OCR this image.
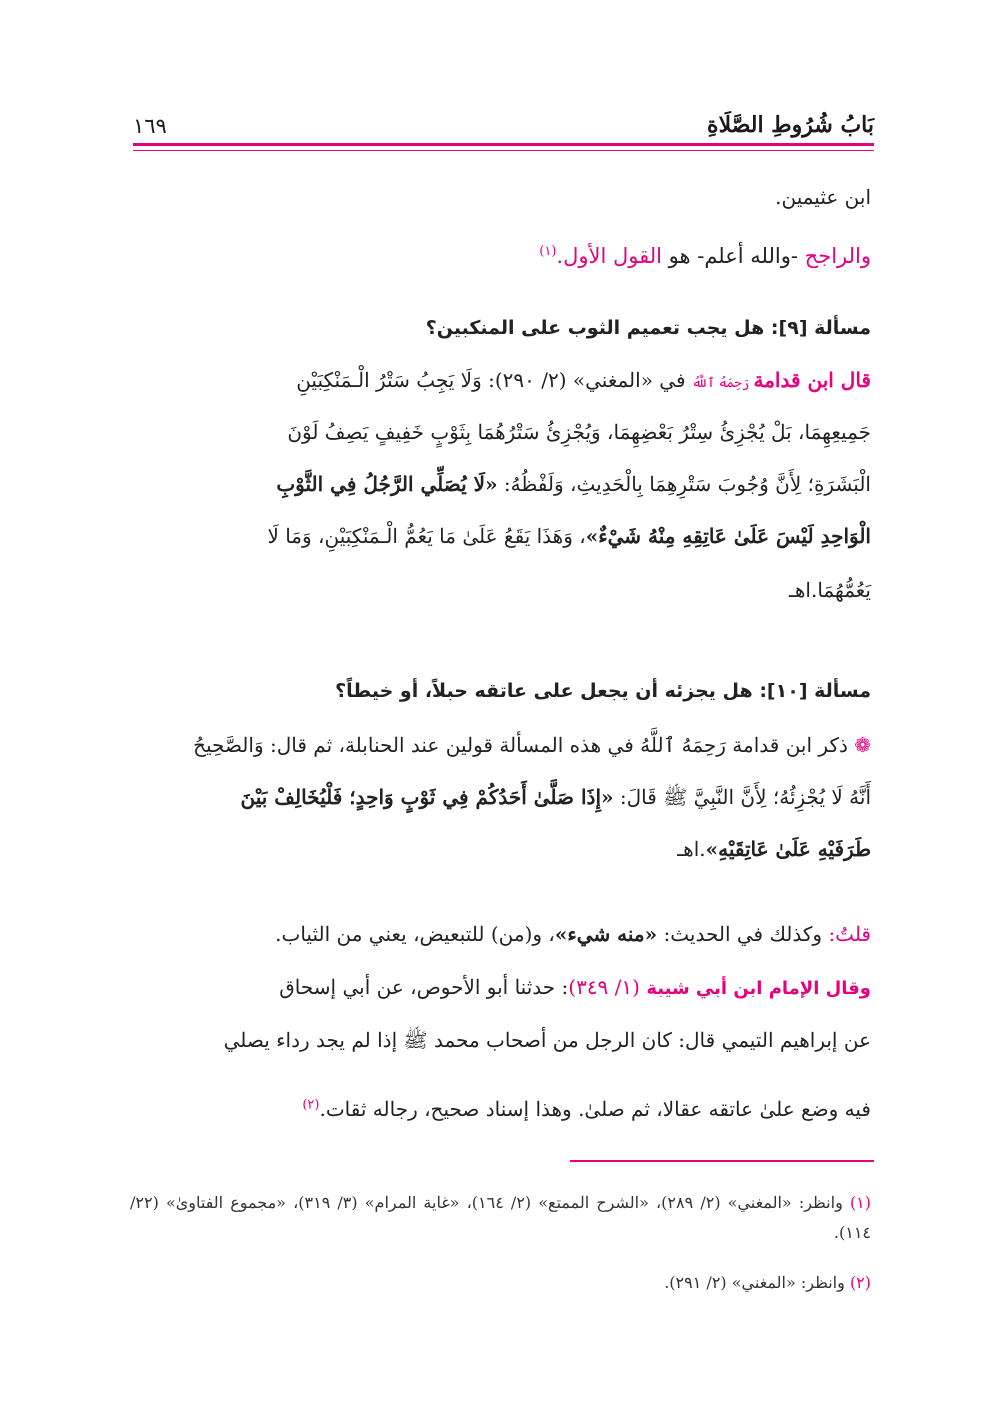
بَابُ شُرُوطِ الصَّلَاةِ
١٦٩
ابن عثيمين.
والراجح -والله أعلم- هو القول الأول.$^{(١)}$
مسألة [٩]: هل يجب تعميم الثوب على المنكبين؟
قال ابن قدامة رَحِمَهُ ٱللَّهُ في «المغني» (٢/ ٢٩٠): وَلَا يَجِبُ سَتْرُ الْـمَنْكِبَيْنِ
جَمِيعِهِمَا، بَلْ يُجْزِئُ سِتْرُ بَعْضِهِمَا، وَيُجْزِئُ سَتْرُهُمَا بِثَوْبٍ خَفِيفٍ يَصِفُ لَوْنَ
الْبَشَرَةِ؛ لِأَنَّ وُجُوبَ سَتْرِهِمَا بِالْحَدِيثِ، وَلَفْظُهُ: «لَا يُصَلِّي الرَّجُلُ فِي الثَّوْبِ
الْوَاحِدِ لَيْسَ عَلَىٰ عَاتِقِهِ مِنْهُ شَيْءٌ»، وَهَذَا يَقَعُ عَلَىٰ مَا يَعُمُّ الْـمَنْكِبَيْنِ، وَمَا لَا
يَعُمُّهُمَا.اهـ
مسألة [١٠]: هل يجزئه أن يجعل على عاتقه حبلاً، أو خيطاً؟
❁ ذكر ابن قدامة رَحِمَهُ ٱللَّهُ في هذه المسألة قولين عند الحنابلة، ثم قال: وَالصَّحِيحُ
أَنَّهُ لَا يُجْزِئُهُ؛ لِأَنَّ النَّبِيَّ ﷺ قَالَ: «إِذَا صَلَّىٰ أَحَدُكُمْ فِي ثَوْبٍ وَاحِدٍ؛ فَلْيُخَالِفْ بَيْنَ
طَرَفَيْهِ عَلَىٰ عَاتِقَيْهِ».اهـ
قلتُ: وكذلك في الحديث: «منه شيء»، و(من) للتبعيض، يعني من الثياب.
وقال الإمام ابن أبي شيبة (١/ ٣٤٩): حدثنا أبو الأحوص، عن أبي إسحاق
عن إبراهيم التيمي قال: كان الرجل من أصحاب محمد ﷺ إذا لم يجد رداء يصلي
فيه وضع علىٰ عاتقه عقالا، ثم صلىٰ. وهذا إسناد صحيح، رجاله ثقات.$^{(٢)}$
(١) وانظر: «المغني» (٢/ ٢٨٩)، «الشرح الممتع» (٢/ ١٦٤)، «غاية المرام» (٣/ ٣١٩)، «مجموع الفتاوىٰ» (٢٢/ ١١٤).
(٢) وانظر: «المغني» (٢/ ٢٩١).
